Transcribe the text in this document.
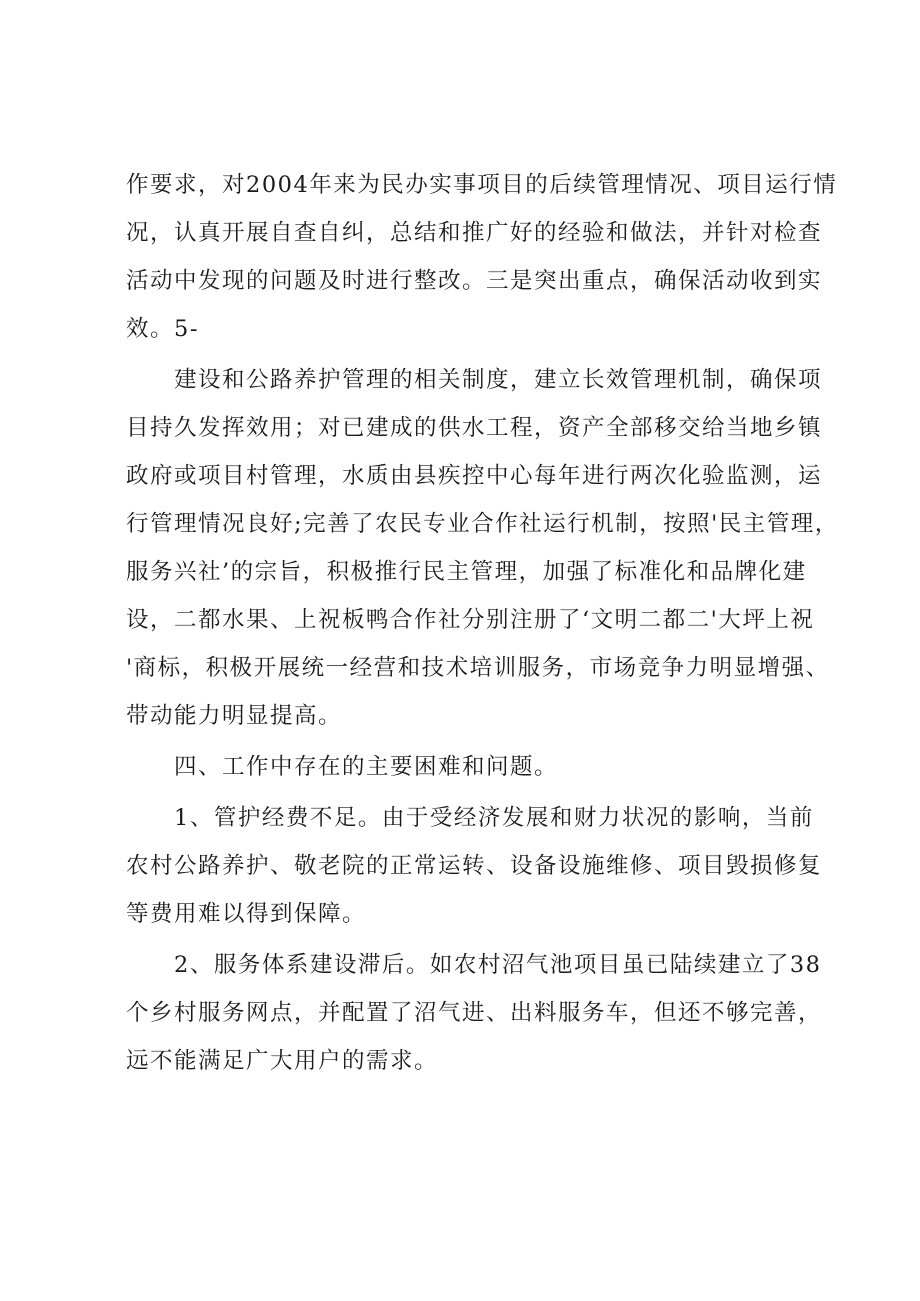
作要求，对2004年来为民办实事项目的后续管理情况、项目运行情
况，认真开展自查自纠，总结和推广好的经验和做法，并针对检查
活动中发现的问题及时进行整改。三是突出重点，确保活动收到实
效。5-
建设和公路养护管理的相关制度，建立长效管理机制，确保项
目持久发挥效用；对已建成的供水工程，资产全部移交给当地乡镇
政府或项目村管理，水质由县疾控中心每年进行两次化验监测，运
行管理情况良好;完善了农民专业合作社运行机制，按照'民主管理，
服务兴社’的宗旨，积极推行民主管理，加强了标准化和品牌化建
设，二都水果、上祝板鸭合作社分别注册了‘文明二都二'大坪上祝
'商标，积极开展统一经营和技术培训服务，市场竞争力明显增强、
带动能力明显提高。
四、工作中存在的主要困难和问题。
1、管护经费不足。由于受经济发展和财力状况的影响，当前
农村公路养护、敬老院的正常运转、设备设施维修、项目毁损修复
等费用难以得到保障。
2、服务体系建设滞后。如农村沼气池项目虽已陆续建立了38
个乡村服务网点，并配置了沼气进、出料服务车，但还不够完善，
远不能满足广大用户的需求。
